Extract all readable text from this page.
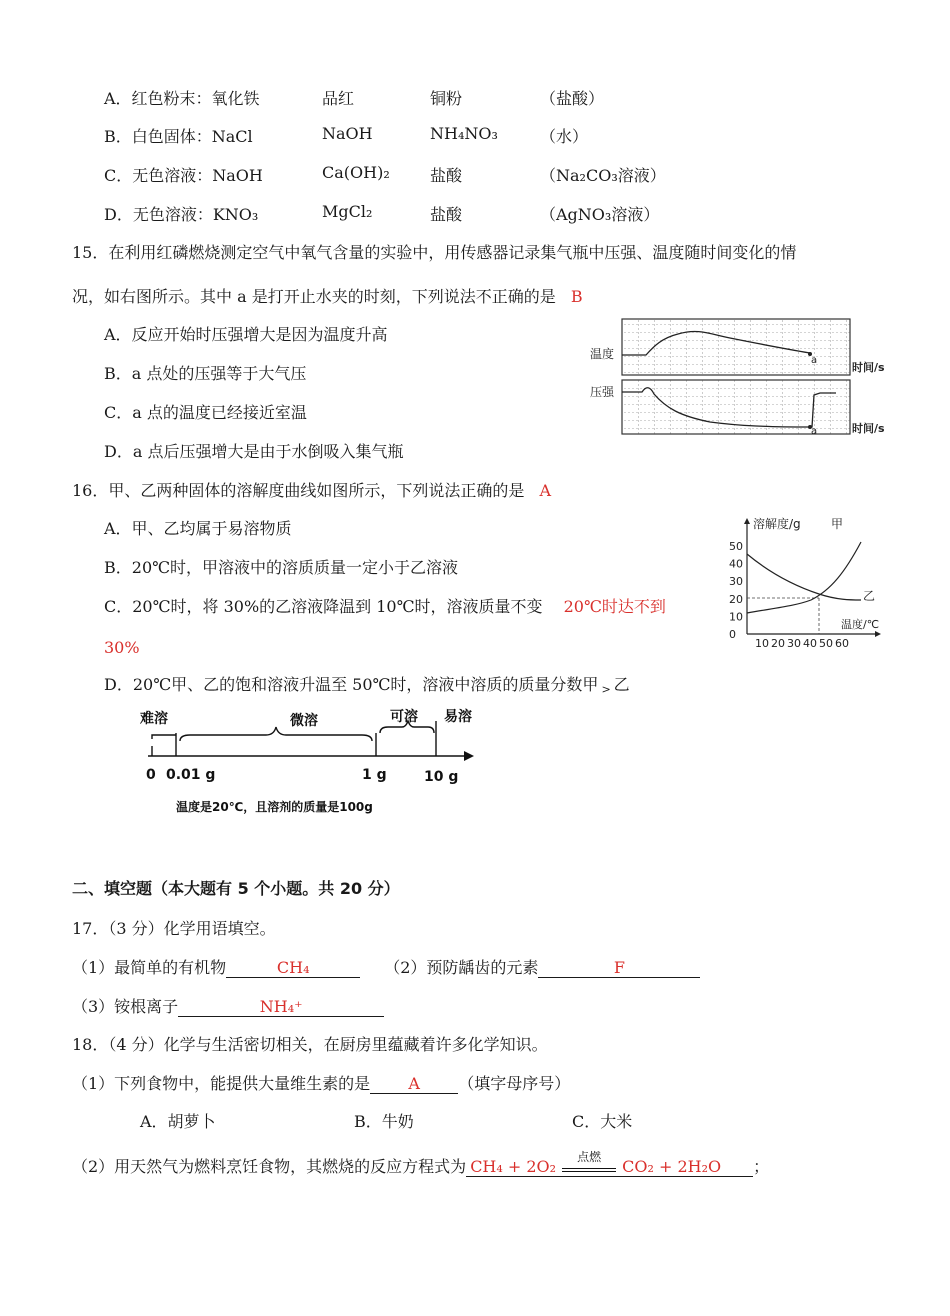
A．红色粉末：氧化铁	品红	铜粉	（盐酸）
B．白色固体：NaCl	NaOH	NH₄NO₃	（水）
C．无色溶液：NaOH	Ca(OH)₂	盐酸	（Na₂CO₃溶液）
D．无色溶液：KNO₃	MgCl₂	盐酸	（AgNO₃溶液）
15．在利用红磷燃烧测定空气中氧气含量的实验中，用传感器记录集气瓶中压强、温度随时间变化的情
况，如右图所示。其中 a 是打开止水夹的时刻，下列说法不正确的是 B
A．反应开始时压强增大是因为温度升高
B．a 点处的压强等于大气压
C．a 点的温度已经接近室温
D．a 点后压强增大是由于水倒吸入集气瓶
温度	a
时间/s
压强
a	时间/s
16．甲、乙两种固体的溶解度曲线如图所示，下列说法正确的是 A
A．甲、乙均属于易溶物质
B．20℃时，甲溶液中的溶质质量一定小于乙溶液
C．20℃时，将 30%的乙溶液降温到 10℃时，溶液质量不变 20℃时达不到
30%
D．20℃甲、乙的饱和溶液升温至 50℃时，溶液中溶质的质量分数甲 > 乙
50
40
30
20
10
0
10 20 30 40 50 60
甲
乙
溶解度/g
温度/℃
难溶	微溶	可溶 易溶
0 0.01 g	1 g	10 g
温度是20℃，且溶剂的质量是100g
二、填空题（本大题有 5 个小题。共 20 分）
17．（3 分）化学用语填空。
（1）最简单的有机物	CH₄	（2）预防龋齿的元素	F
（3）铵根离子	NH₄⁺
18．（4 分）化学与生活密切相关，在厨房里蕴藏着许多化学知识。
（1）下列食物中，能提供大量维生素的是 A （填字母序号）
A．胡萝卜	B．牛奶	C．大米
（2）用天然气为燃料烹饪食物，其燃烧的反应方程式为 CH₄ + 2O₂	点燃	CO₂ + 2H₂O ；
